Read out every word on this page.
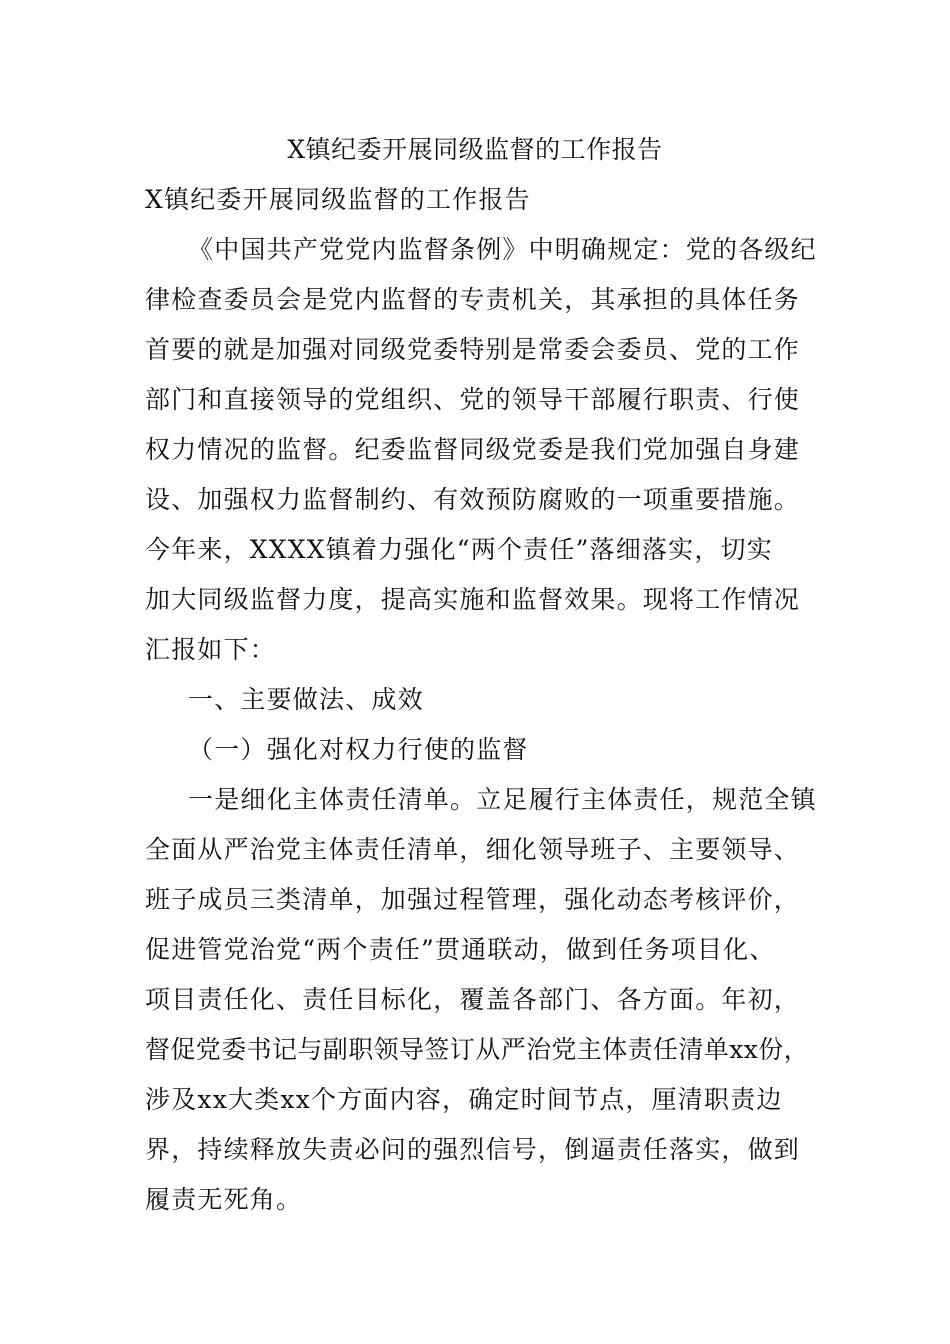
X镇纪委开展同级监督的工作报告
X镇纪委开展同级监督的工作报告
《中国共产党党内监督条例》中明确规定：党的各级纪
律检查委员会是党内监督的专责机关，其承担的具体任务
首要的就是加强对同级党委特别是常委会委员、党的工作
部门和直接领导的党组织、党的领导干部履行职责、行使
权力情况的监督。纪委监督同级党委是我们党加强自身建
设、加强权力监督制约、有效预防腐败的一项重要措施。
今年来，XXXX镇着力强化“两个责任”落细落实，切实
加大同级监督力度，提高实施和监督效果。现将工作情况
汇报如下：
一、主要做法、成效
（一）强化对权力行使的监督
一是细化主体责任清单。立足履行主体责任，规范全镇
全面从严治党主体责任清单，细化领导班子、主要领导、
班子成员三类清单，加强过程管理，强化动态考核评价，
促进管党治党“两个责任”贯通联动，做到任务项目化、
项目责任化、责任目标化，覆盖各部门、各方面。年初，
督促党委书记与副职领导签订从严治党主体责任清单xx份，
涉及xx大类xx个方面内容，确定时间节点，厘清职责边
界，持续释放失责必问的强烈信号，倒逼责任落实，做到
履责无死角。
